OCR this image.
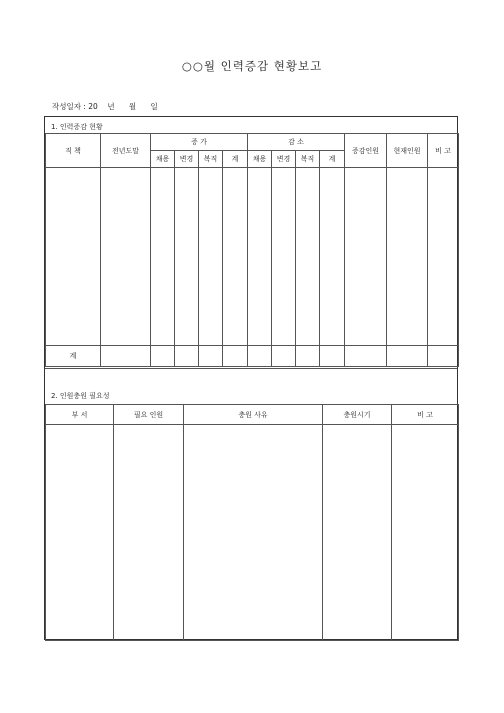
○○월 인력증감 현황보고
작성일자 : 20    년      월      일
1. 인력증감 현황
직 책	전년도말	증 가				감 소				증감인원	현재인원	비 고
		채용	변경	복직	계	채용	변경	복직	계			

계												
2. 인원충원 필요성
부 서	필요 인원	충원 사유	충원시기	비 고
